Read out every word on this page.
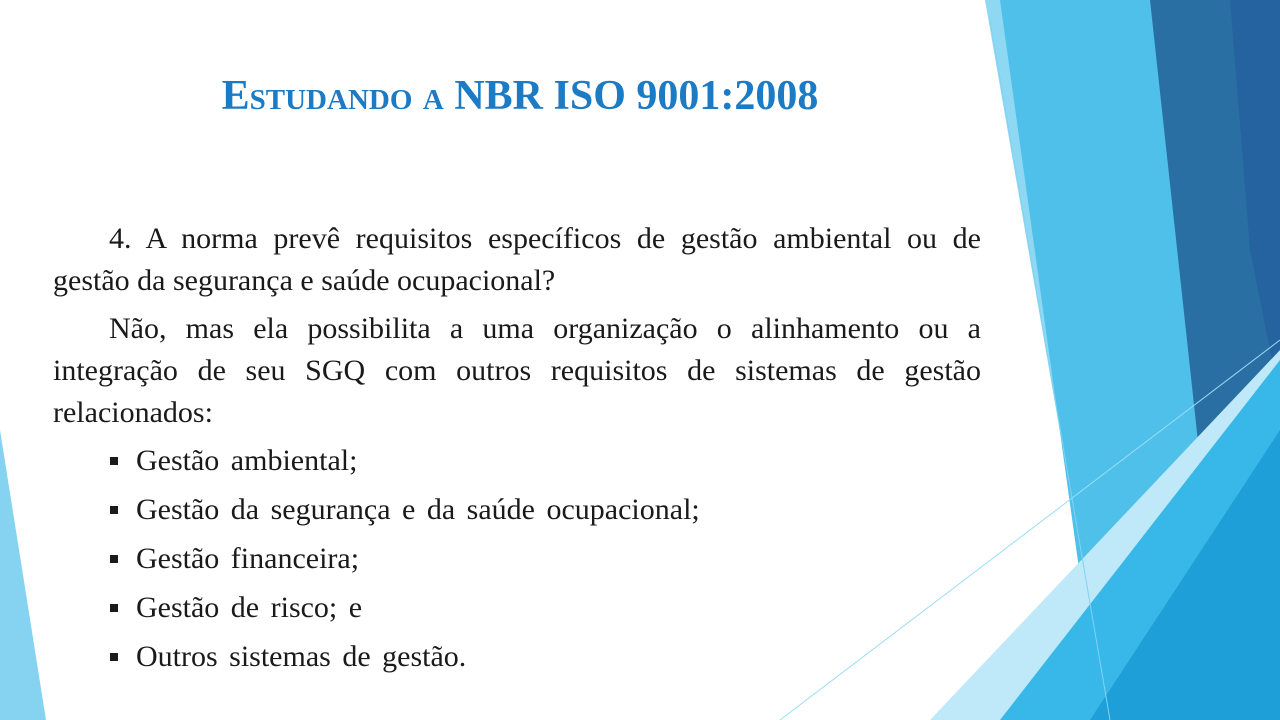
Estudando a NBR ISO 9001:2008

4. A norma prevê requisitos específicos de gestão ambiental ou de gestão da segurança e saúde ocupacional?

Não, mas ela possibilita a uma organização o alinhamento ou a integração de seu SGQ com outros requisitos de sistemas de gestão relacionados:

Gestão ambiental;
Gestão da segurança e da saúde ocupacional;
Gestão financeira;
Gestão de risco; e
Outros sistemas de gestão.
